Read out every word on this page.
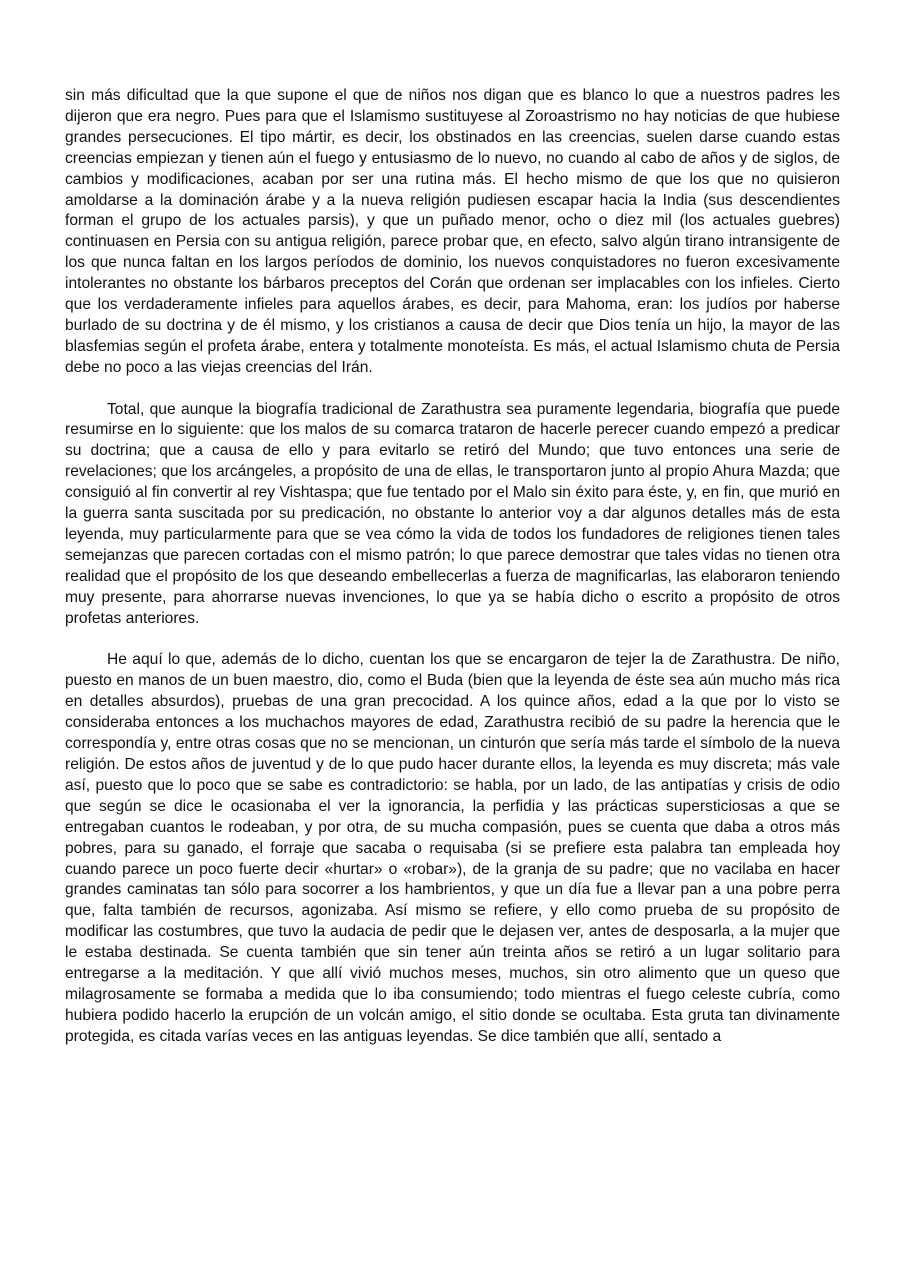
sin más dificultad que la que supone el que de niños nos digan que es blanco lo que a nuestros padres les dijeron que era negro. Pues para que el Islamismo sustituyese al Zoroastrismo no hay noticias de que hubiese grandes persecuciones. El tipo mártir, es decir, los obstinados en las creencias, suelen darse cuando estas creencias empiezan y tienen aún el fuego y entusiasmo de lo nuevo, no cuando al cabo de años y de siglos, de cambios y modificaciones, acaban por ser una rutina más. El hecho mismo de que los que no quisieron amoldarse a la dominación árabe y a la nueva religión pudiesen escapar hacia la India (sus descendientes forman el grupo de los actuales parsis), y que un puñado menor, ocho o diez mil (los actuales guebres) continuasen en Persia con su antigua religión, parece probar que, en efecto, salvo algún tirano intransigente de los que nunca faltan en los largos períodos de dominio, los nuevos conquistadores no fueron excesivamente intolerantes no obstante los bárbaros preceptos del Corán que ordenan ser implacables con los infieles. Cierto que los verdaderamente infieles para aquellos árabes, es decir, para Mahoma, eran: los judíos por haberse burlado de su doctrina y de él mismo, y los cristianos a causa de decir que Dios tenía un hijo, la mayor de las blasfemias según el profeta árabe, entera y totalmente monoteísta. Es más, el actual Islamismo chuta de Persia debe no poco a las viejas creencias del Irán.

Total, que aunque la biografía tradicional de Zarathustra sea puramente legendaria, biografía que puede resumirse en lo siguiente: que los malos de su comarca trataron de hacerle perecer cuando empezó a predicar su doctrina; que a causa de ello y para evitarlo se retiró del Mundo; que tuvo entonces una serie de revelaciones; que los arcángeles, a propósito de una de ellas, le transportaron junto al propio Ahura Mazda; que consiguió al fin convertir al rey Vishtaspa; que fue tentado por el Malo sin éxito para éste, y, en fin, que murió en la guerra santa suscitada por su predicación, no obstante lo anterior voy a dar algunos detalles más de esta leyenda, muy particularmente para que se vea cómo la vida de todos los fundadores de religiones tienen tales semejanzas que parecen cortadas con el mismo patrón; lo que parece demostrar que tales vidas no tienen otra realidad que el propósito de los que deseando embellecerlas a fuerza de magnificarlas, las elaboraron teniendo muy presente, para ahorrarse nuevas invenciones, lo que ya se había dicho o escrito a propósito de otros profetas anteriores.

He aquí lo que, además de lo dicho, cuentan los que se encargaron de tejer la de Zarathustra. De niño, puesto en manos de un buen maestro, dio, como el Buda (bien que la leyenda de éste sea aún mucho más rica en detalles absurdos), pruebas de una gran precocidad. A los quince años, edad a la que por lo visto se consideraba entonces a los muchachos mayores de edad, Zarathustra recibió de su padre la herencia que le correspondía y, entre otras cosas que no se mencionan, un cinturón que sería más tarde el símbolo de la nueva religión. De estos años de juventud y de lo que pudo hacer durante ellos, la leyenda es muy discreta; más vale así, puesto que lo poco que se sabe es contradictorio: se habla, por un lado, de las antipatías y crisis de odio que según se dice le ocasionaba el ver la ignorancia, la perfidia y las prácticas supersticiosas a que se entregaban cuantos le rodeaban, y por otra, de su mucha compasión, pues se cuenta que daba a otros más pobres, para su ganado, el forraje que sacaba o requisaba (si se prefiere esta palabra tan empleada hoy cuando parece un poco fuerte decir «hurtar» o «robar»), de la granja de su padre; que no vacilaba en hacer grandes caminatas tan sólo para socorrer a los hambrientos, y que un día fue a llevar pan a una pobre perra que, falta también de recursos, agonizaba. Así mismo se refiere, y ello como prueba de su propósito de modificar las costumbres, que tuvo la audacia de pedir que le dejasen ver, antes de desposarla, a la mujer que le estaba destinada. Se cuenta también que sin tener aún treinta años se retiró a un lugar solitario para entregarse a la meditación. Y que allí vivió muchos meses, muchos, sin otro alimento que un queso que milagrosamente se formaba a medida que lo iba consumiendo; todo mientras el fuego celeste cubría, como hubiera podido hacerlo la erupción de un volcán amigo, el sitio donde se ocultaba. Esta gruta tan divinamente protegida, es citada varías veces en las antiguas leyendas. Se dice también que allí, sentado a
